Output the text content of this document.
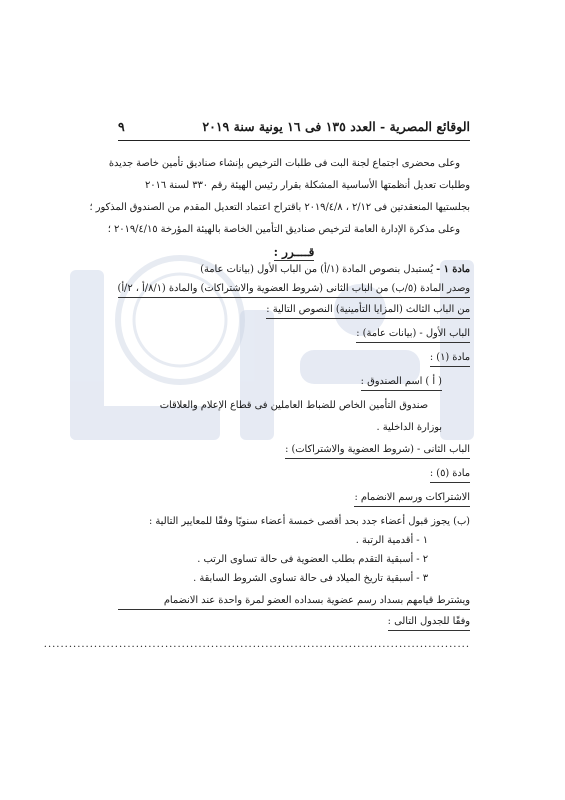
الوقائع المصرية - العدد ١٣٥ فى ١٦ يونية سنة ٢٠١٩
٩
وعلى محضرى اجتماع لجنة البت فى طلبات الترخيص بإنشاء صناديق تأمين خاصة جديدة
وطلبات تعديل أنظمتها الأساسية المشكلة بقرار رئيس الهيئة رقم ٣٣٠ لسنة ٢٠١٦
بجلستيها المنعقدتين فى ٢/١٢ ، ٢٠١٩/٤/٨ باقتراح اعتماد التعديل المقدم من الصندوق المذكور ؛
وعلى مذكرة الإدارة العامة لترخيص صناديق التأمين الخاصة بالهيئة المؤرخة ٢٠١٩/٤/١٥ ؛
قــــرر :
مادة ١ - يُستبدل بنصوص المادة (١/أ) من الباب الأول (بيانات عامة)
وصدر المادة (٥/ب) من الباب الثانى (شروط العضوية والاشتراكات) والمادة (٨/١/أ ، ٢/أ)
من الباب الثالث (المزايا التأمينية) النصوص التالية :
الباب الأول - (بيانات عامة) :
مادة (١) :
( أ ) اسم الصندوق :
صندوق التأمين الخاص للضباط العاملين فى قطاع الإعلام والعلاقات
بوزارة الداخلية .
الباب الثانى - (شروط العضوية والاشتراكات) :
مادة (٥) :
الاشتراكات ورسم الانضمام :
(ب) يجوز قبول أعضاء جدد بحد أقصى خمسة أعضاء سنويًا وفقًا للمعايير التالية :
١ - أقدمية الرتبة .
٢ - أسبقية التقدم بطلب العضوية فى حالة تساوى الرتب .
٣ - أسبقية تاريخ الميلاد فى حالة تساوى الشروط السابقة .
ويشترط قيامهم بسداد رسم عضوية بسداده العضو لمرة واحدة عند الانضمام
وفقًا للجدول التالى :
......................................................................................................
